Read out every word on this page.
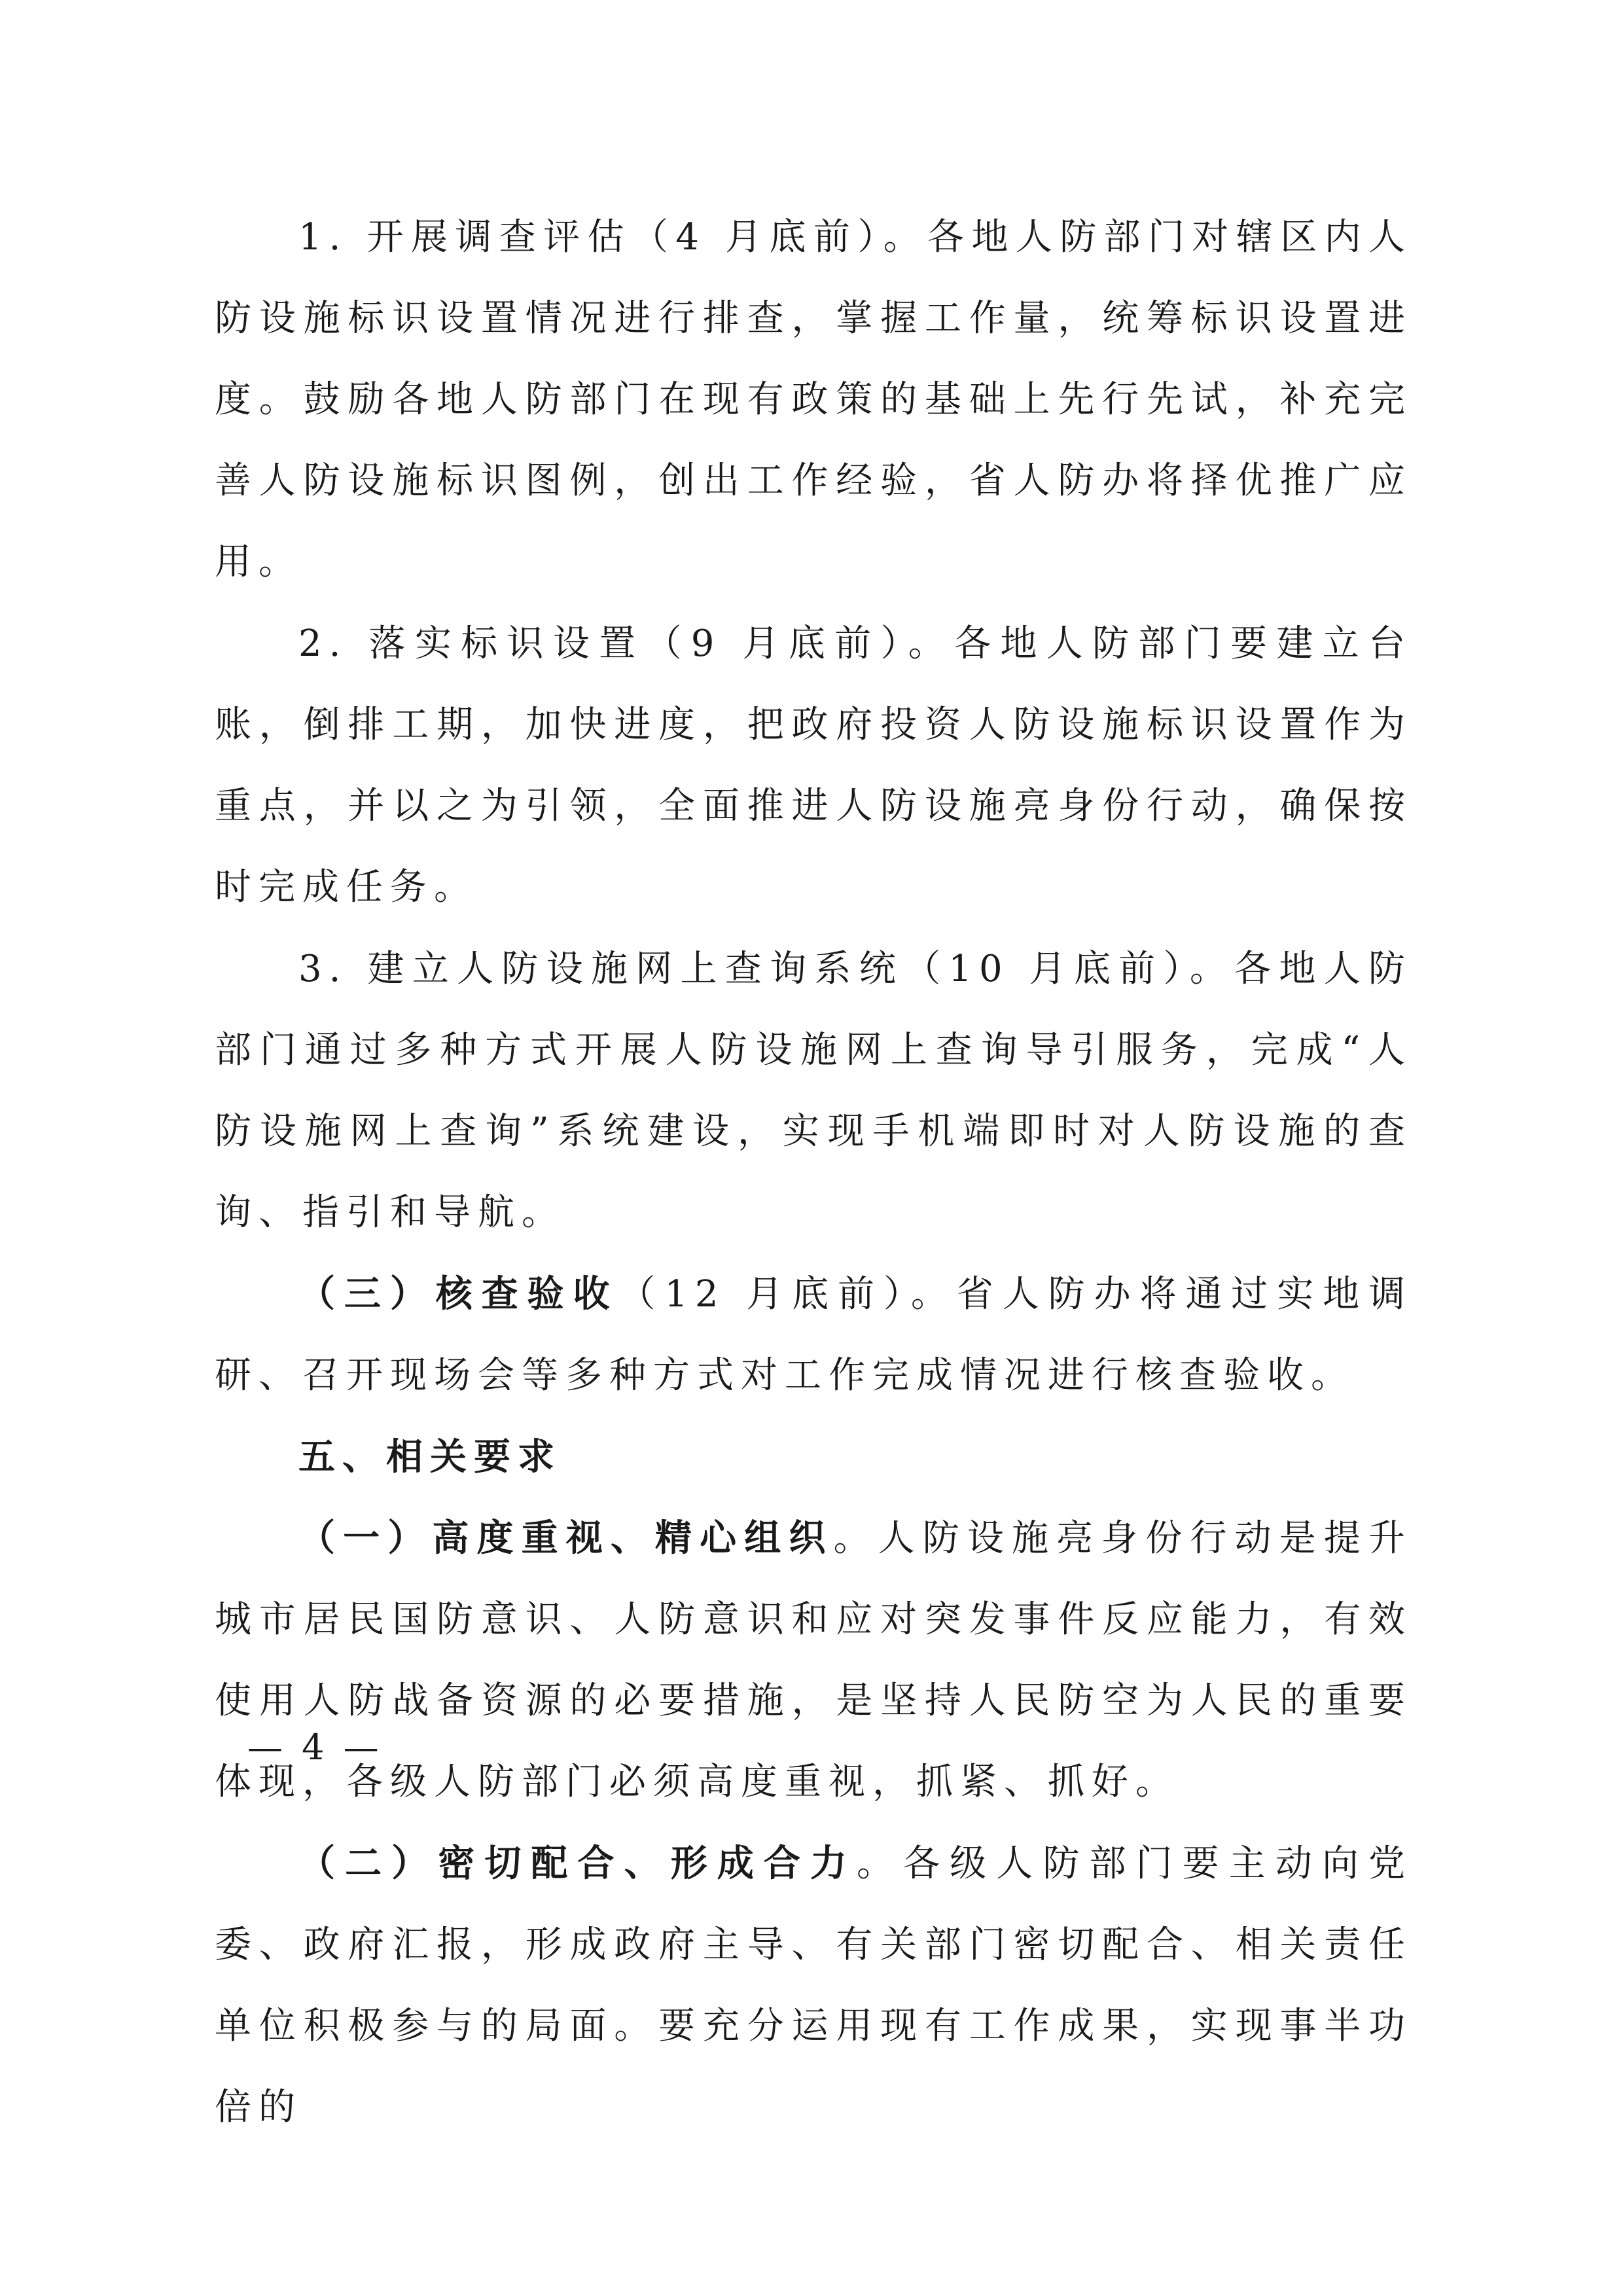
1. 开展调查评估（4 月底前）。各地人防部门对辖区内人防设施标识设置情况进行排查，掌握工作量，统筹标识设置进度。鼓励各地人防部门在现有政策的基础上先行先试，补充完善人防设施标识图例，创出工作经验，省人防办将择优推广应用。

2. 落实标识设置（9 月底前）。各地人防部门要建立台账，倒排工期，加快进度，把政府投资人防设施标识设置作为重点，并以之为引领，全面推进人防设施亮身份行动，确保按时完成任务。

3. 建立人防设施网上查询系统（10 月底前）。各地人防部门通过多种方式开展人防设施网上查询导引服务，完成“人防设施网上查询”系统建设，实现手机端即时对人防设施的查询、指引和导航。

（三）核查验收（12 月底前）。省人防办将通过实地调研、召开现场会等多种方式对工作完成情况进行核查验收。

五、相关要求

（一）高度重视、精心组织。人防设施亮身份行动是提升城市居民国防意识、人防意识和应对突发事件反应能力，有效使用人防战备资源的必要措施，是坚持人民防空为人民的重要体现，各级人防部门必须高度重视，抓紧、抓好。

（二）密切配合、形成合力。各级人防部门要主动向党委、政府汇报，形成政府主导、有关部门密切配合、相关责任单位积极参与的局面。要充分运用现有工作成果，实现事半功倍的

— 4 —
